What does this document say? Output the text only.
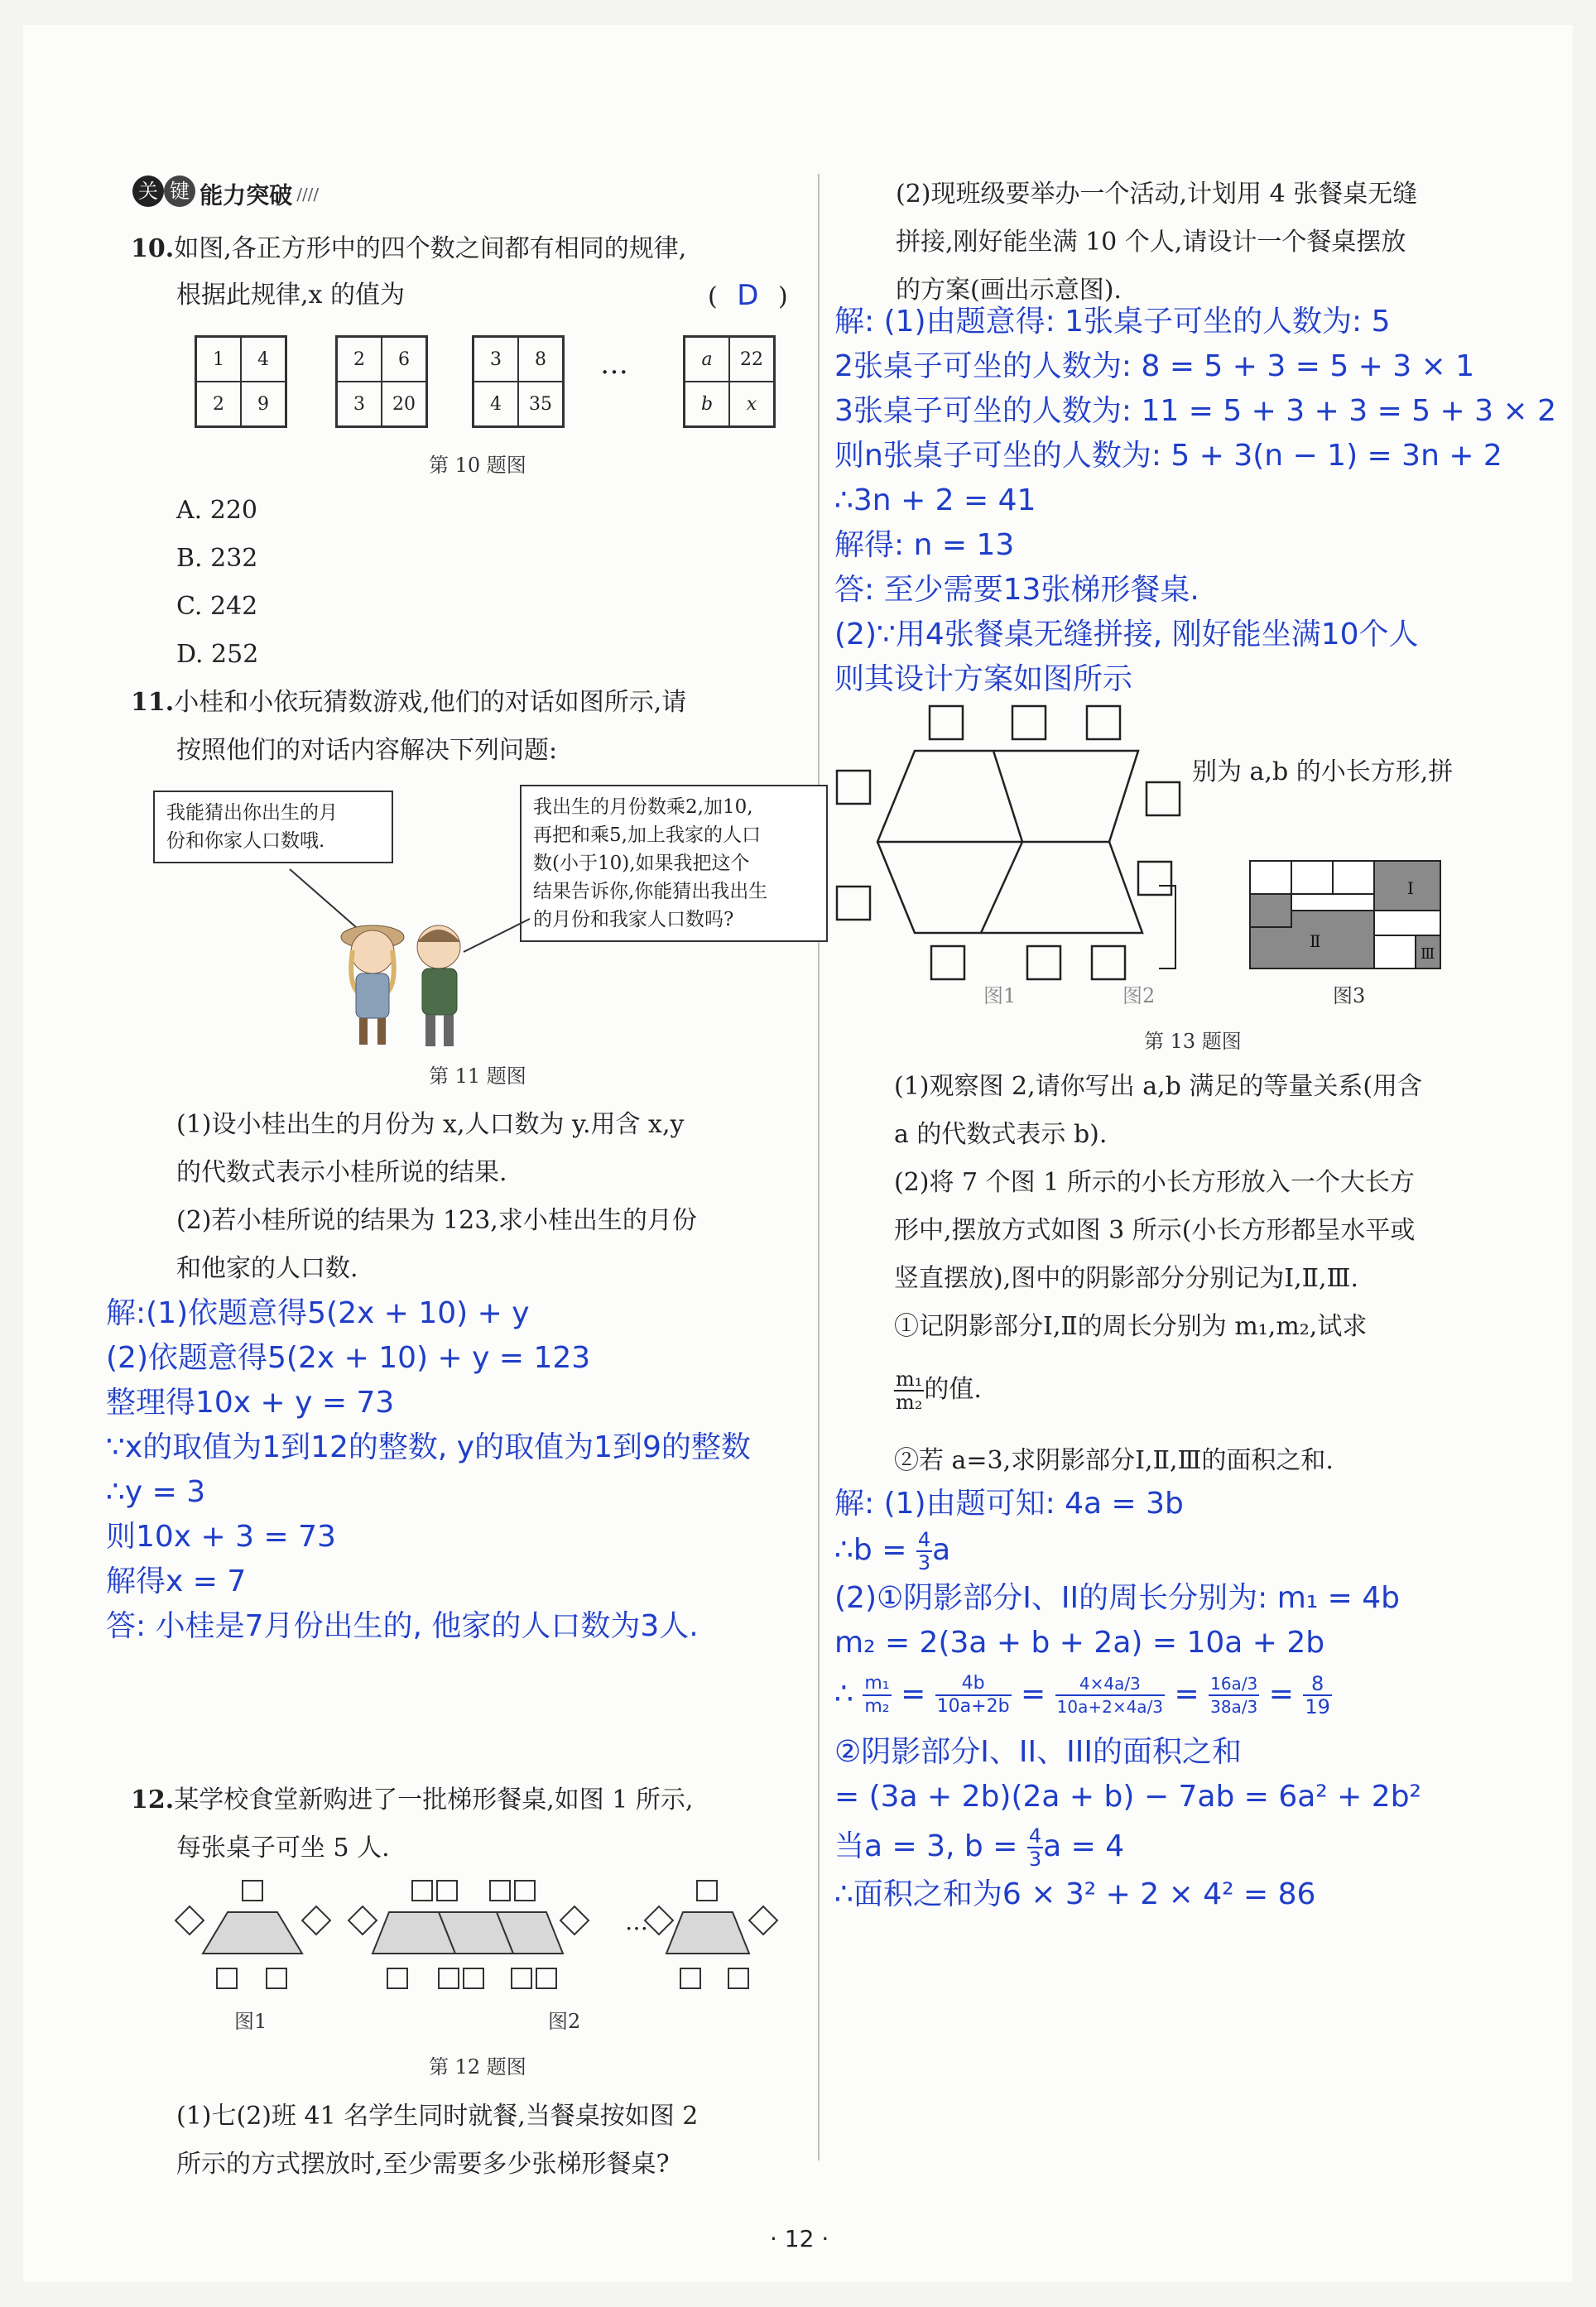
关 键 能力突破 ////
10.如图,各正方形中的四个数之间都有相同的规律,
根据此规律,x 的值为	( D )
1	4
2	9
2	6
3	20
3	8
4	35
…	a	22
b	x
第 10 题图
A. 220
B. 232
C. 242
D. 252
11.小桂和小依玩猜数游戏,他们的对话如图所示,请
按照他们的对话内容解决下列问题:
我能猜出你出生的月
份和你家人口数哦.
我出生的月份数乘2,加10,
再把和乘5,加上我家的人口
数(小于10),如果我把这个
结果告诉你,你能猜出我出生
的月份和我家人口数吗?
第 11 题图
(1)设小桂出生的月份为 x,人口数为 y.用含 x,y
的代数式表示小桂所说的结果.
(2)若小桂所说的结果为 123,求小桂出生的月份
和他家的人口数.
解:(1)依题意得5(2x + 10) + y
(2)依题意得5(2x + 10) + y = 123
整理得10x + y = 73
∵x的取值为1到12的整数, y的取值为1到9的整数
∴y = 3
则10x + 3 = 73
解得x = 7
答: 小桂是7月份出生的, 他家的人口数为3人.
12.某学校食堂新购进了一批梯形餐桌,如图 1 所示,
每张桌子可坐 5 人.
…
图1	图2
第 12 题图
(1)七(2)班 41 名学生同时就餐,当餐桌按如图 2
所示的方式摆放时,至少需要多少张梯形餐桌?
(2)现班级要举办一个活动,计划用 4 张餐桌无缝
拼接,刚好能坐满 10 个人,请设计一个餐桌摆放
的方案(画出示意图).
解: (1)由题意得: 1张桌子可坐的人数为: 5
2张桌子可坐的人数为: 8 = 5 + 3 = 5 + 3 × 1
3张桌子可坐的人数为: 11 = 5 + 3 + 3 = 5 + 3 × 2
则n张桌子可坐的人数为: 5 + 3(n − 1) = 3n + 2
∴3n + 2 = 41
解得: n = 13
答: 至少需要13张梯形餐桌.
(2)∵用4张餐桌无缝拼接, 刚好能坐满10个人
则其设计方案如图所示
别为 a,b 的小长方形,拼
Ⅰ
Ⅱ
Ⅲ
图1	图2	图3
第 13 题图
(1)观察图 2,请你写出 a,b 满足的等量关系(用含
a 的代数式表示 b).
(2)将 7 个图 1 所示的小长方形放入一个大长方
形中,摆放方式如图 3 所示(小长方形都呈水平或
竖直摆放),图中的阴影部分分别记为Ⅰ,Ⅱ,Ⅲ.
①记阴影部分Ⅰ,Ⅱ的周长分别为 m₁,m₂,试求
$\frac{\text{m₁}}{\text{m₂}}$ 的值.
②若 a=3,求阴影部分Ⅰ,Ⅱ,Ⅲ的面积之和.
解: (1)由题可知: 4a = 3b
∴b = $\frac{4}{3}$ a
(2)①阴影部分I、II的周长分别为: m₁ = 4b
m₂ = 2(3a + b + 2a) = 10a + 2b
∴ $\frac{\text{m₁}}{\text{m₂}} = \frac{4b}{10a+2b} = \frac{4\times 4a/3}{10a+2\times 4a/3} = \frac{16a/3}{38a/3} = \frac{8}{19}$
②阴影部分I、II、III的面积之和
= (3a + 2b)(2a + b) − 7ab = 6a² + 2b²
当a = 3, $b = \frac{4}{3}$ a = 4
∴面积之和为6 × 3² + 2 × 4² = 86
· 12 ·
